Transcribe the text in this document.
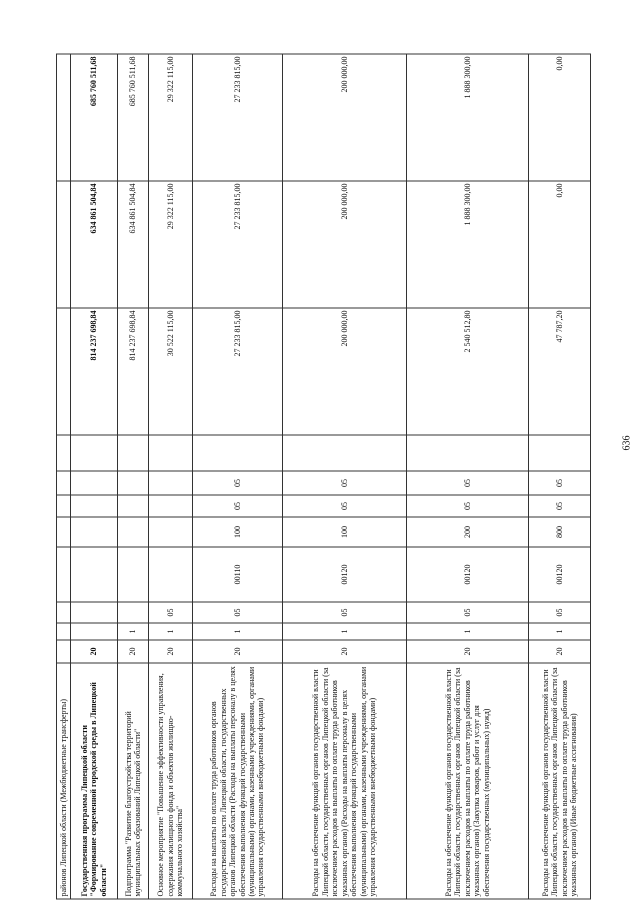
636
районов Липецкой области (Межбюджетные трансферты)											
Государственная программа Липецкой области "Формирование современной городской среды в Липецкой области"	20								814 237 698,84	634 861 504,84	685 760 511,68
Подпрограмма "Развитие благоустройства территорий муниципальных образований Липецкой области"	20	1							814 237 698,84	634 861 504,84	685 760 511,68
Основное мероприятие "Повышение эффективности управления, содержания жилищного фонда и объектов жилищно-коммунального хозяйства"	20	1	05						30 522 115,00	29 322 115,00	29 322 115,00
Расходы на выплаты по оплате труда работников органов государственной власти Липецкой области, государственных органов Липецкой области (Расходы на выплаты персоналу в целях обеспечения выполнения функций государственными (муниципальными) органами, казенными учреждениями, органами управления государственными внебюджетными фондами)	20	1	05	00110	100	05	05		27 233 815,00	27 233 815,00	27 233 815,00
Расходы на обеспечение функций органов государственной власти Липецкой области, государственных органов Липецкой области (за исключением расходов на выплаты по оплате труда работников указанных органов) (Расходы на выплаты персоналу в целях обеспечения выполнения функций государственными (муниципальными) органами, казенными учреждениями, органами управления государственными внебюджетными фондами)	20	1	05	00120	100	05	05		200 000,00	200 000,00	200 000,00
Расходы на обеспечение функций органов государственной власти Липецкой области, государственных органов Липецкой области (за исключением расходов на выплаты по оплате труда работников указанных органов) (Закупка товаров, работ и услуг для обеспечения государственных (муниципальных) нужд)	20	1	05	00120	200	05	05		2 540 512,80	1 888 300,00	1 888 300,00
Расходы на обеспечение функций органов государственной власти Липецкой области, государственных органов Липецкой области (за исключением расходов на выплаты по оплате труда работников указанных органов) (Иные бюджетные ассигнования)	20	1	05	00120	800	05	05		47 787,20	0,00	0,00
